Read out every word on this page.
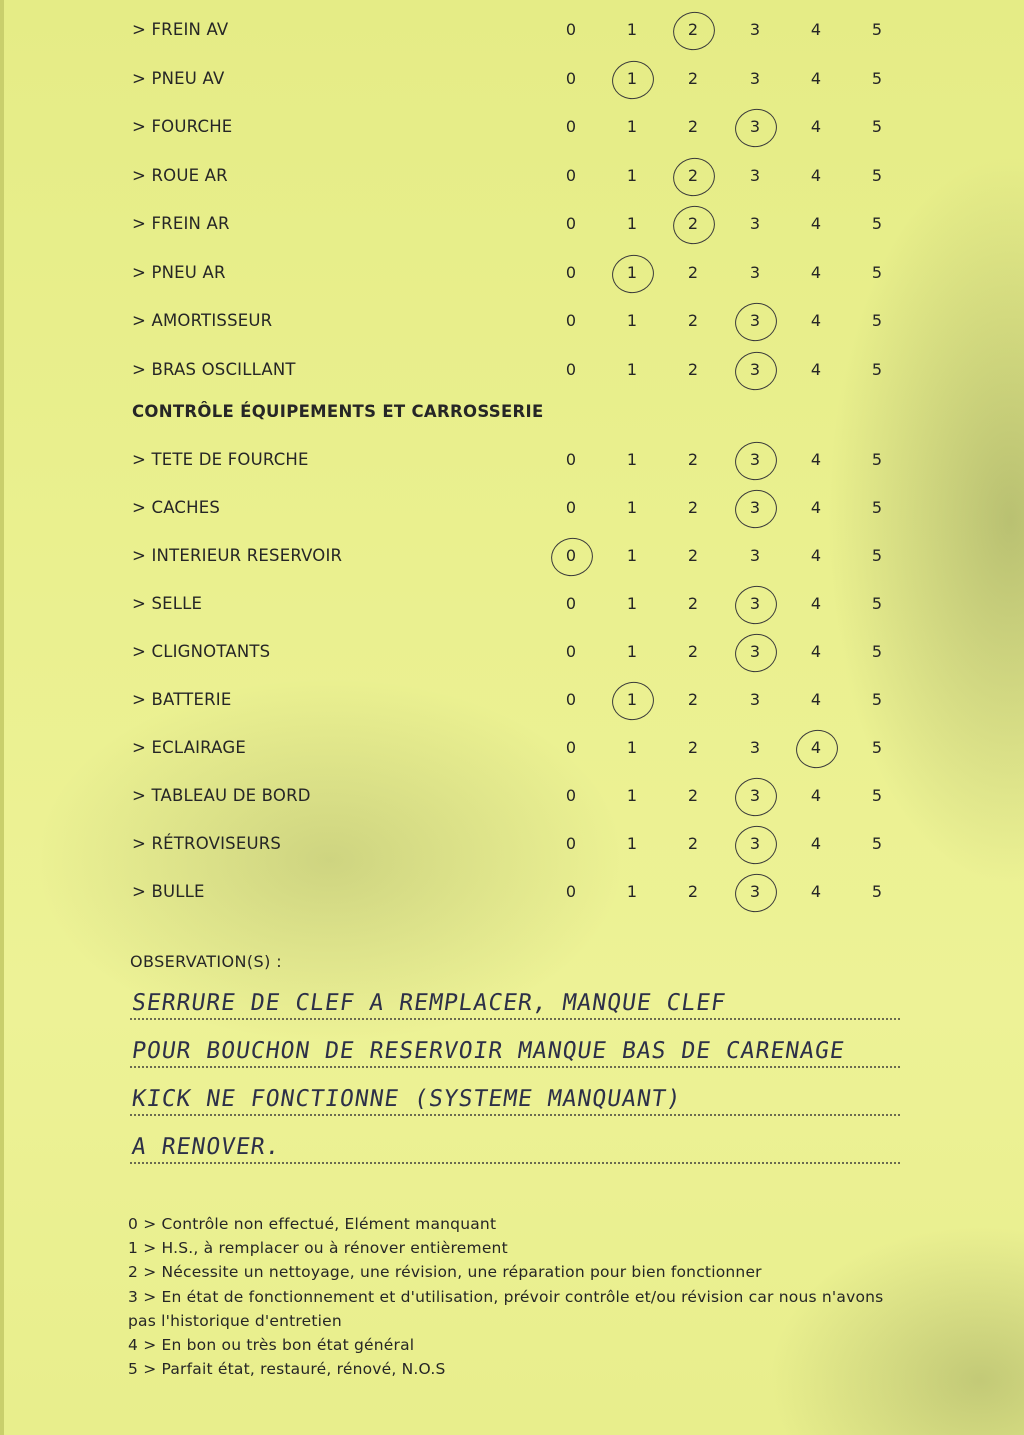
> FREIN AV	0	1	2	3	4	5
> PNEU AV	0	1	2	3	4	5
> FOURCHE	0	1	2	3	4	5
> ROUE AR	0	1	2	3	4	5
> FREIN AR	0	1	2	3	4	5
> PNEU AR	0	1	2	3	4	5
> AMORTISSEUR	0	1	2	3	4	5
> BRAS OSCILLANT	0	1	2	3	4	5
CONTRÔLE ÉQUIPEMENTS ET CARROSSERIE
> TETE DE FOURCHE	0	1	2	3	4	5
> CACHES	0	1	2	3	4	5
> INTERIEUR RESERVOIR	0	1	2	3	4	5
> SELLE	0	1	2	3	4	5
> CLIGNOTANTS	0	1	2	3	4	5
> BATTERIE	0	1	2	3	4	5
> ECLAIRAGE	0	1	2	3	4	5
> TABLEAU DE BORD	0	1	2	3	4	5
> RÉTROVISEURS	0	1	2	3	4	5
> BULLE	0	1	2	3	4	5
OBSERVATION(S) :
SERRURE DE CLEF A REMPLACER, MANQUE CLEF
POUR BOUCHON DE RESERVOIR MANQUE BAS DE CARENAGE
KICK NE FONCTIONNE (SYSTEME MANQUANT)
A RENOVER.
0 > Contrôle non effectué, Elément manquant
1 > H.S., à remplacer ou à rénover entièrement
2 > Nécessite un nettoyage, une révision, une réparation pour bien fonctionner
3 > En état de fonctionnement et d'utilisation, prévoir contrôle et/ou révision car nous n'avons pas l'historique d'entretien
4 > En bon ou très bon état général
5 > Parfait état, restauré, rénové, N.O.S
